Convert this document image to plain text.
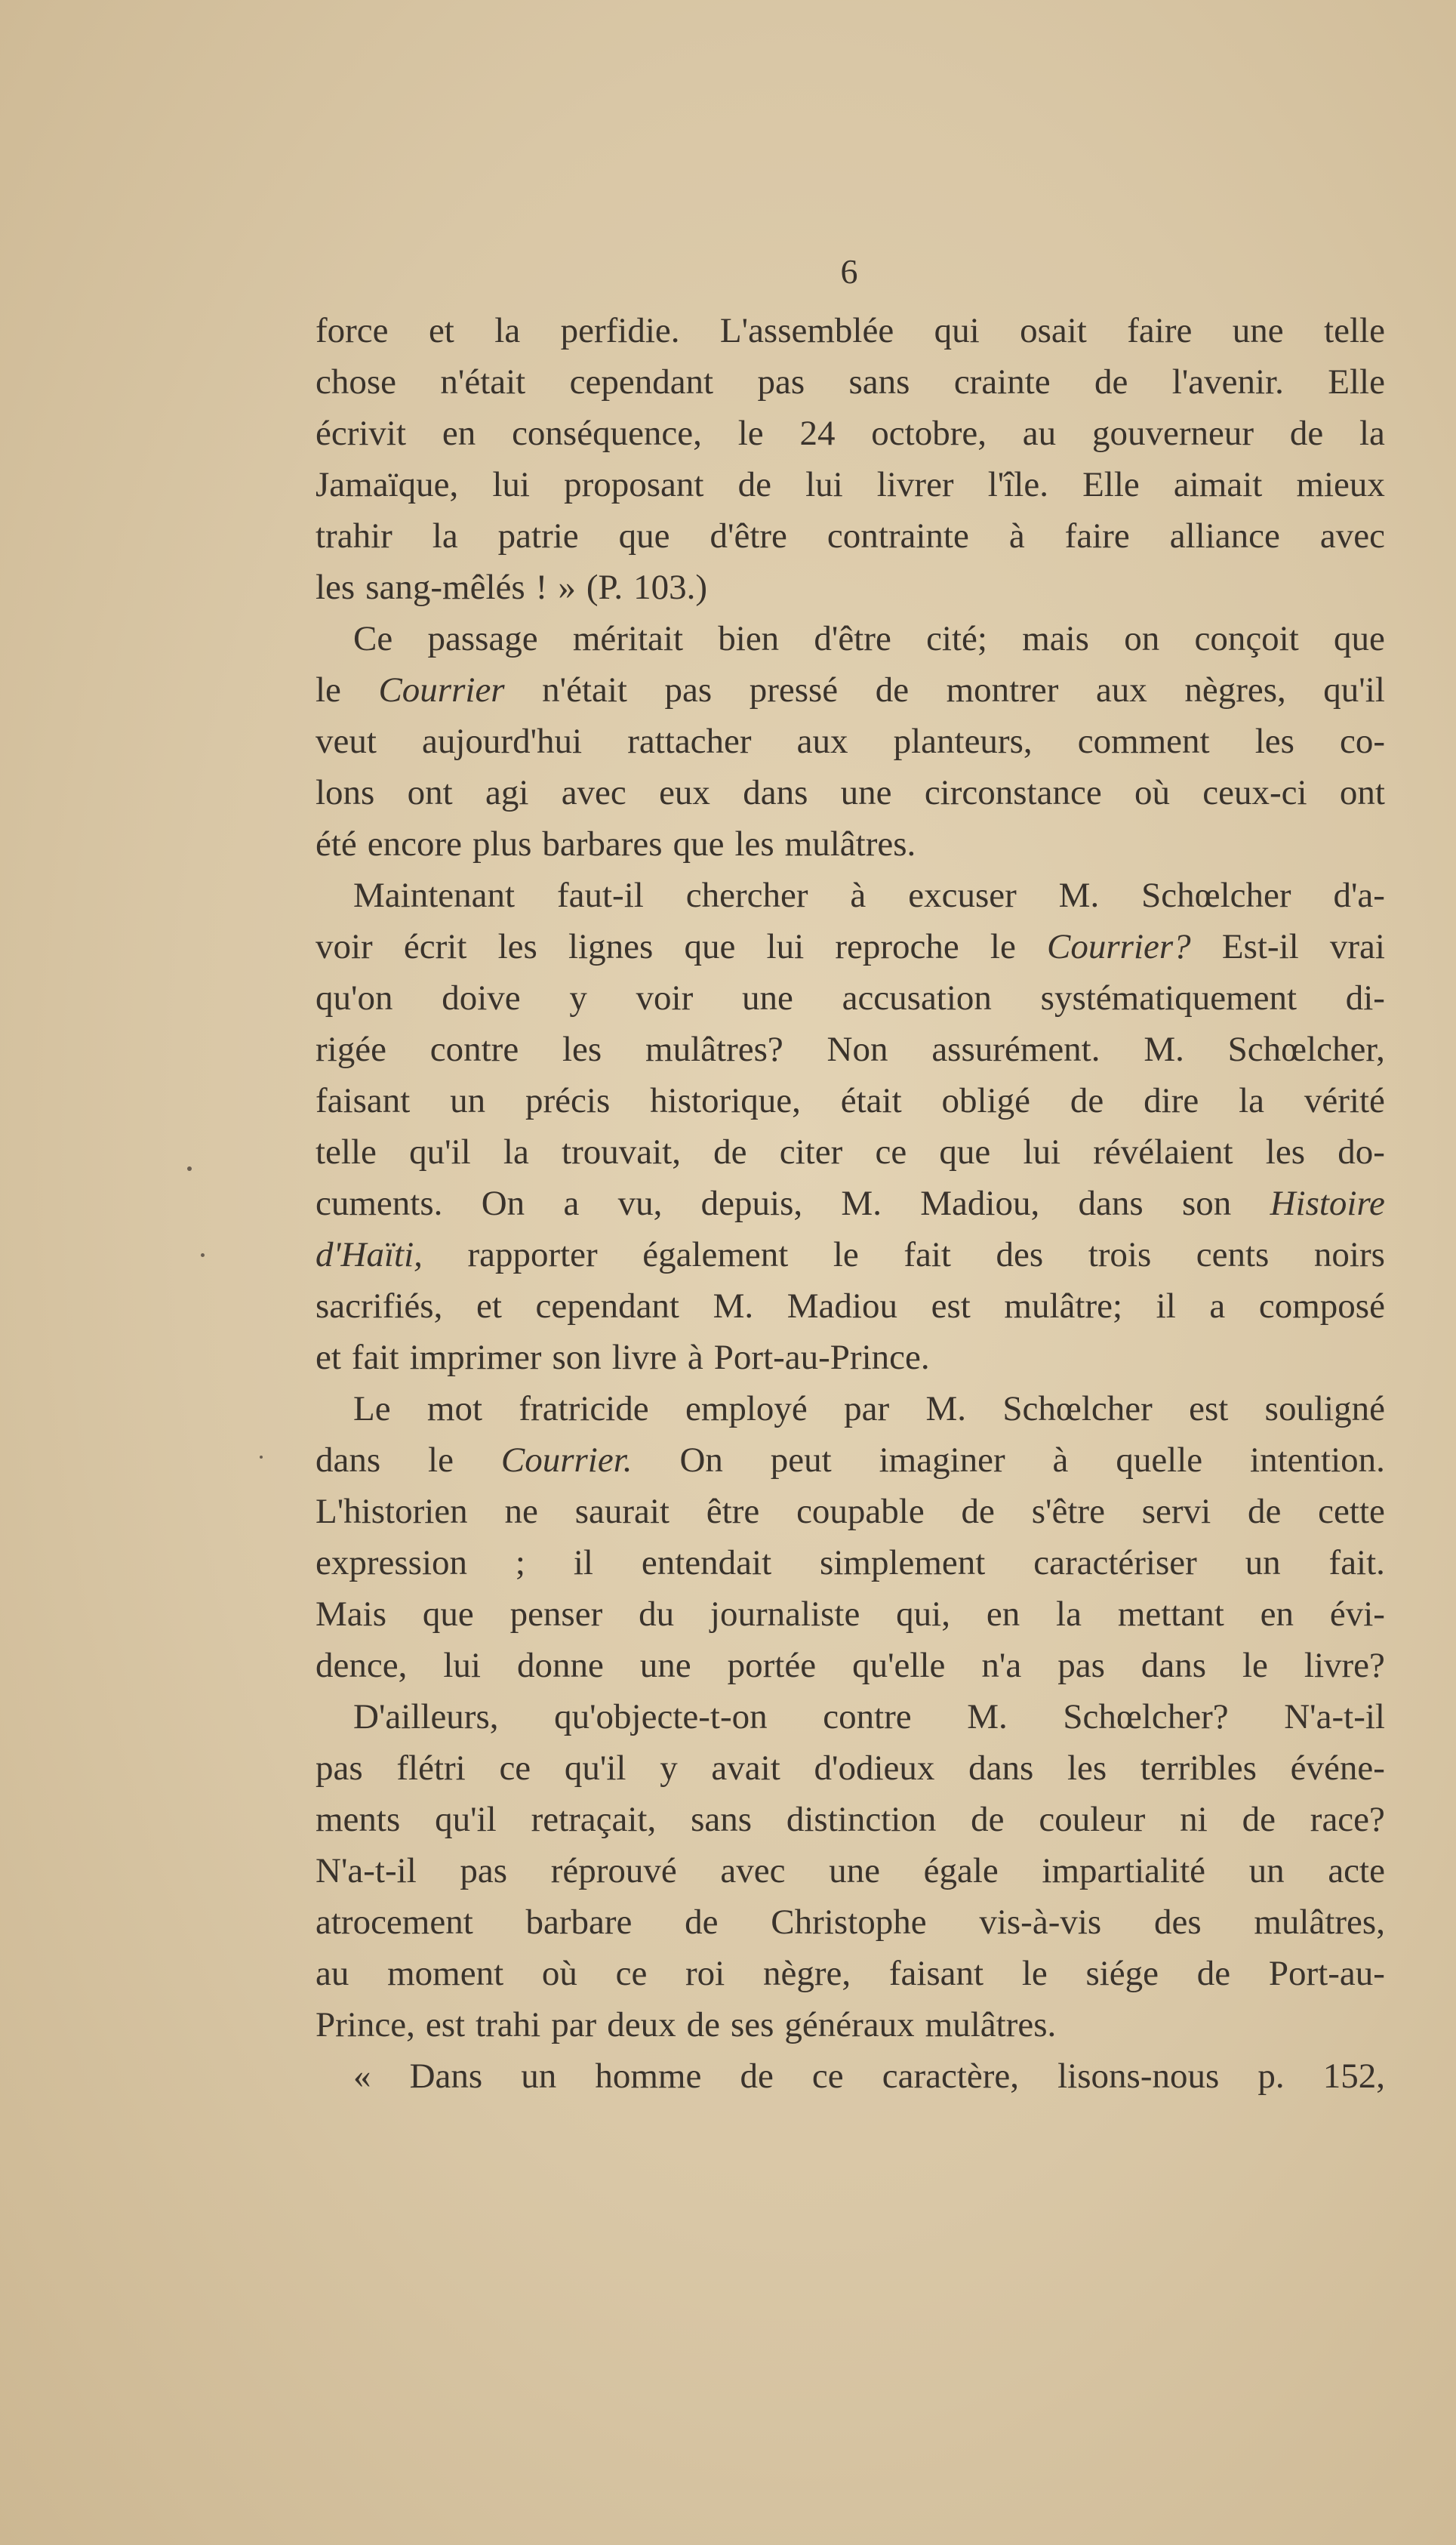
6
force et la perfidie. L'assemblée qui osait faire une telle
chose n'était cependant pas sans crainte de l'avenir. Elle
écrivit en conséquence, le 24 octobre, au gouverneur de la
Jamaïque, lui proposant de lui livrer l'île. Elle aimait mieux
trahir la patrie que d'être contrainte à faire alliance avec
les sang-mêlés ! » (P. 103.)
Ce passage méritait bien d'être cité; mais on conçoit que
le Courrier n'était pas pressé de montrer aux nègres, qu'il
veut aujourd'hui rattacher aux planteurs, comment les co-
lons ont agi avec eux dans une circonstance où ceux-ci ont
été encore plus barbares que les mulâtres.
Maintenant faut-il chercher à excuser M. Schœlcher d'a-
voir écrit les lignes que lui reproche le Courrier? Est-il vrai
qu'on doive y voir une accusation systématiquement di-
rigée contre les mulâtres? Non assurément. M. Schœlcher,
faisant un précis historique, était obligé de dire la vérité
telle qu'il la trouvait, de citer ce que lui révélaient les do-
cuments. On a vu, depuis, M. Madiou, dans son Histoire
d'Haïti, rapporter également le fait des trois cents noirs
sacrifiés, et cependant M. Madiou est mulâtre; il a composé
et fait imprimer son livre à Port-au-Prince.
Le mot fratricide employé par M. Schœlcher est souligné
dans le Courrier. On peut imaginer à quelle intention.
L'historien ne saurait être coupable de s'être servi de cette
expression ; il entendait simplement caractériser un fait.
Mais que penser du journaliste qui, en la mettant en évi-
dence, lui donne une portée qu'elle n'a pas dans le livre?
D'ailleurs, qu'objecte-t-on contre M. Schœlcher? N'a-t-il
pas flétri ce qu'il y avait d'odieux dans les terribles événe-
ments qu'il retraçait, sans distinction de couleur ni de race?
N'a-t-il pas réprouvé avec une égale impartialité un acte
atrocement barbare de Christophe vis-à-vis des mulâtres,
au moment où ce roi nègre, faisant le siége de Port-au-
Prince, est trahi par deux de ses généraux mulâtres.
« Dans un homme de ce caractère, lisons-nous p. 152,
